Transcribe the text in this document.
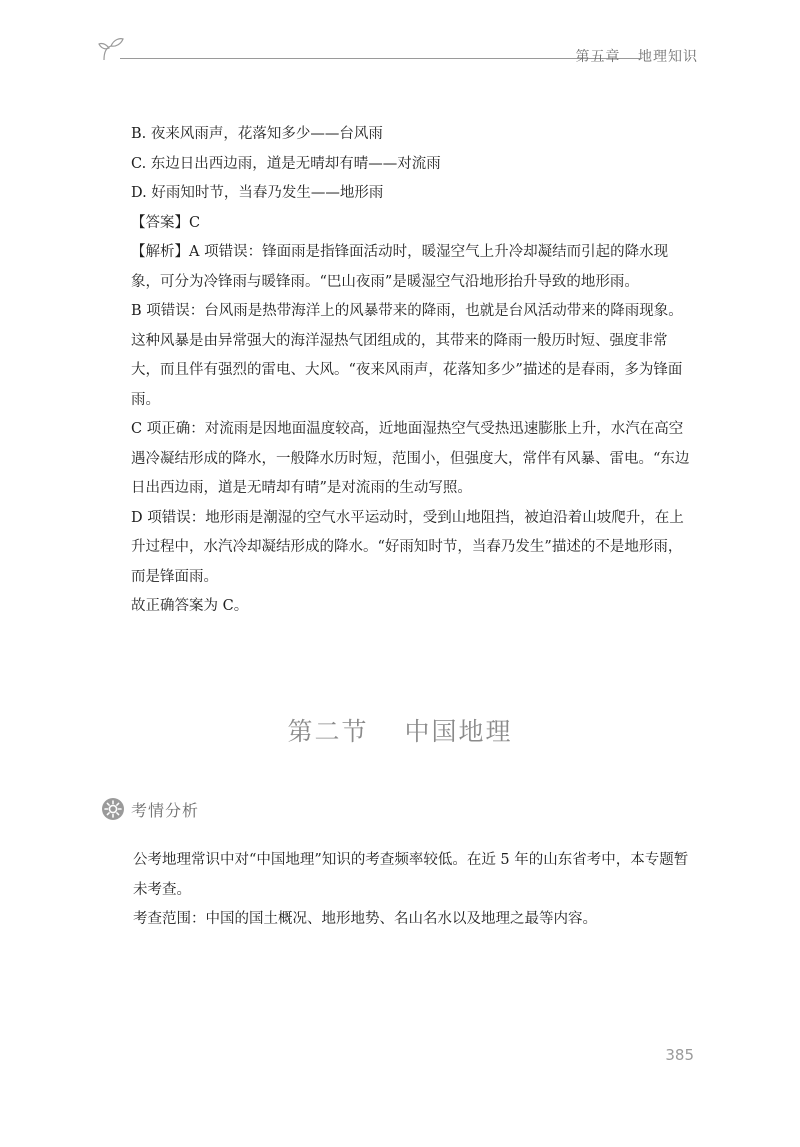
第五章 地理知识

B. 夜来风雨声，花落知多少——台风雨

C. 东边日出西边雨，道是无晴却有晴——对流雨

D. 好雨知时节，当春乃发生——地形雨

【答案】C

【解析】A 项错误：锋面雨是指锋面活动时，暖湿空气上升冷却凝结而引起的降水现象，可分为冷锋雨与暖锋雨。“巴山夜雨”是暖湿空气沿地形抬升导致的地形雨。

B 项错误：台风雨是热带海洋上的风暴带来的降雨，也就是台风活动带来的降雨现象。这种风暴是由异常强大的海洋湿热气团组成的，其带来的降雨一般历时短、强度非常大，而且伴有强烈的雷电、大风。“夜来风雨声，花落知多少”描述的是春雨，多为锋面雨。

C 项正确：对流雨是因地面温度较高，近地面湿热空气受热迅速膨胀上升，水汽在高空遇冷凝结形成的降水，一般降水历时短，范围小，但强度大，常伴有风暴、雷电。“东边日出西边雨，道是无晴却有晴”是对流雨的生动写照。

D 项错误：地形雨是潮湿的空气水平运动时，受到山地阻挡，被迫沿着山坡爬升，在上升过程中，水汽冷却凝结形成的降水。“好雨知时节，当春乃发生”描述的不是地形雨，而是锋面雨。

故正确答案为 C。

第二节 中国地理
考情分析

公考地理常识中对“中国地理”知识的考查频率较低。在近 5 年的山东省考中，本专题暂未考查。

考查范围：中国的国土概况、地形地势、名山名水以及地理之最等内容。

385
